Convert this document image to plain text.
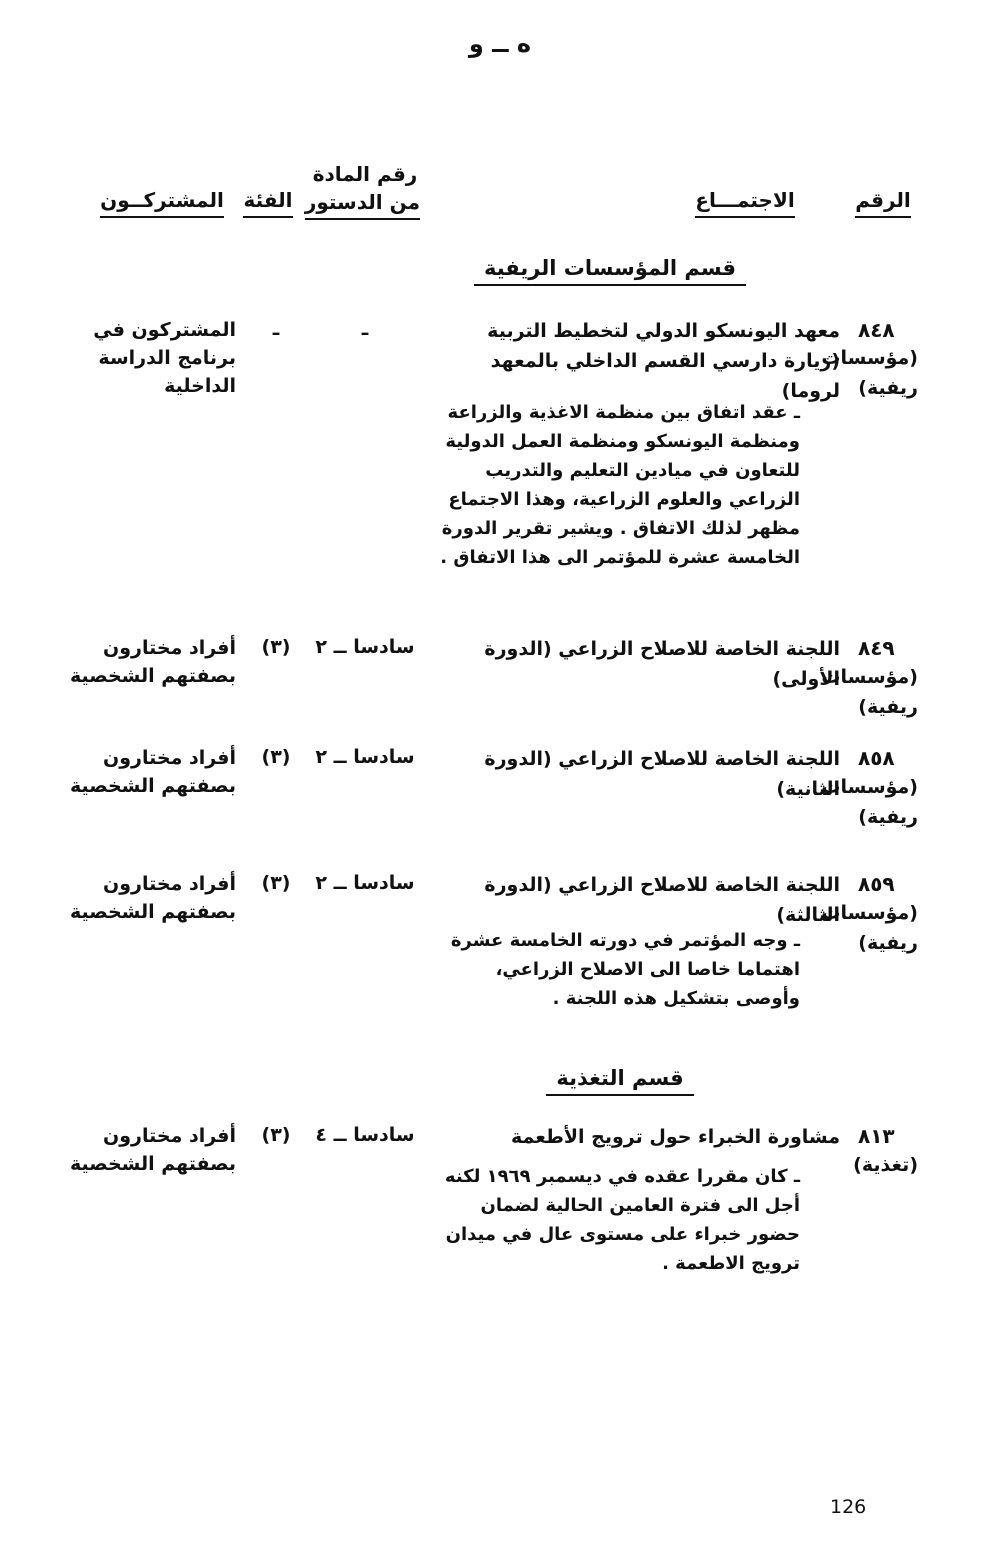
ﻩ ــ ﻭ
الرقم
الاجتمـــاع
رقم المادة
من الدستور
الفئة
المشتركــون
قسم المؤسسات الريفية
٨٤٨
(مؤسسات ريفية)
معهد اليونسكو الدولي لتخطيط التربية (زيارة دارسي القسم الداخلي بالمعهد لروما)
ـ عقد اتفاق بين منظمة الاغذية والزراعة ومنظمة اليونسكو ومنظمة العمل الدولية للتعاون في ميادين التعليم والتدريب الزراعي والعلوم الزراعية، وهذا الاجتماع مظهر لذلك الاتفاق . ويشير تقرير الدورة الخامسة عشرة للمؤتمر الى هذا الاتفاق .
ـ
ـ
المشتركون في برنامج الدراسة الداخلية
٨٤٩
(مؤسسات ريفية)
اللجنة الخاصة للاصلاح الزراعي (الدورة الأولى)
سادسا ــ ٢
(٣)
أفراد مختارون بصفتهم الشخصية
٨٥٨
(مؤسسات ريفية)
اللجنة الخاصة للاصلاح الزراعي (الدورة الثانية)
سادسا ــ ٢
(٣)
أفراد مختارون بصفتهم الشخصية
٨٥٩
(مؤسسات ريفية)
اللجنة الخاصة للاصلاح الزراعي (الدورة الثالثة)
ـ وجه المؤتمر في دورته الخامسة عشرة اهتماما خاصا الى الاصلاح الزراعي، وأوصى بتشكيل هذه اللجنة .
سادسا ــ ٢
(٣)
أفراد مختارون بصفتهم الشخصية
قسم التغذية
٨١٣
(تغذية)
مشاورة الخبراء حول ترويج الأطعمة
ـ كان مقررا عقده في ديسمبر ١٩٦٩ لكنه أجل الى فترة العامين الحالية لضمان حضور خبراء على مستوى عال في ميدان ترويج الاطعمة .
سادسا ــ ٤
(٣)
أفراد مختارون بصفتهم الشخصية
126
